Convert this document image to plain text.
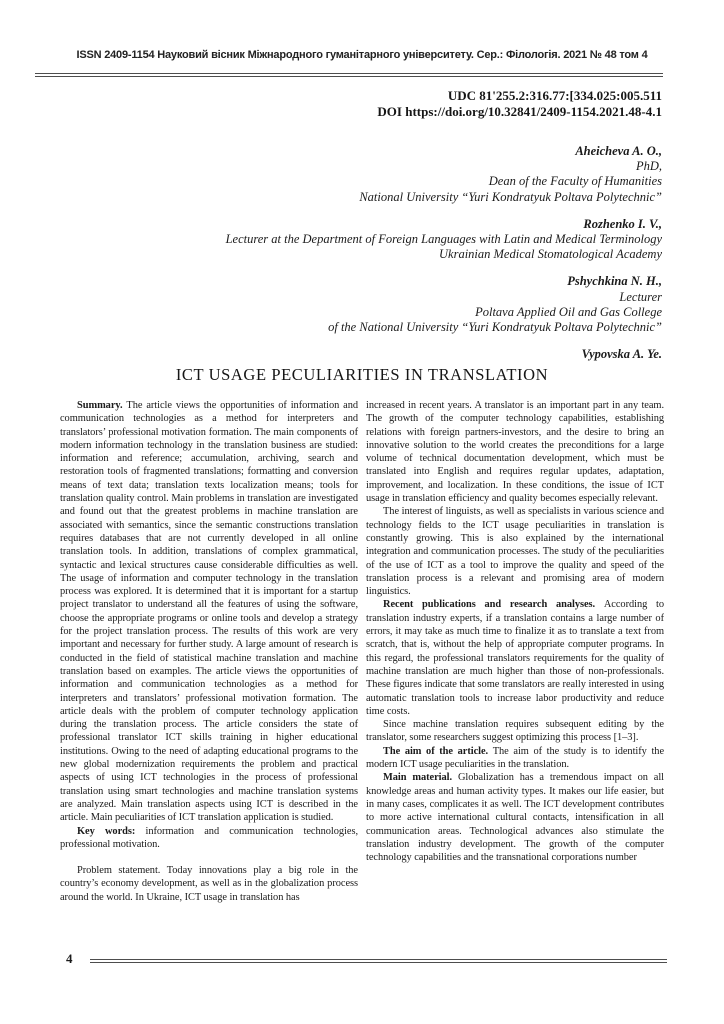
ISSN 2409-1154 Науковий вісник Міжнародного гуманітарного університету. Сер.: Філологія. 2021 № 48 том 4
UDC 81'255.2:316.77:[334.025:005.511
DOI https://doi.org/10.32841/2409-1154.2021.48-4.1
Aheicheva A. O.,
PhD,
Dean of the Faculty of Humanities
National University “Yuri Kondratyuk Poltava Polytechnic”
Rozhenko I. V.,
Lecturer at the Department of Foreign Languages with Latin and Medical Terminology
Ukrainian Medical Stomatological Academy
Pshychkina N. H.,
Lecturer
Poltava Applied Oil and Gas College
of the National University “Yuri Kondratyuk Poltava Polytechnic”
Vypovska A. Ye.
ICT USAGE PECULIARITIES IN TRANSLATION

Summary. The article views the opportunities of information and communication technologies as a method for interpreters and translators’ professional motivation formation. The main components of modern information technology in the translation business are studied: information and reference; accumulation, archiving, search and restoration tools of fragmented translations; formatting and conversion means of text data; translation texts localization means; tools for translation quality control. Main problems in translation are investigated and found out that the greatest problems in machine translation are associated with semantics, since the semantic constructions translation requires databases that are not currently developed in all online translation tools. In addition, translations of complex grammatical, syntactic and lexical structures cause considerable difficulties as well. The usage of information and computer technology in the translation process was explored. It is determined that it is important for a startup project translator to understand all the features of using the software, choose the appropriate programs or online tools and develop a strategy for the project translation process. The results of this work are very important and necessary for further study. A large amount of research is conducted in the field of statistical machine translation and machine translation based on examples. The article views the opportunities of information and communication technologies as a method for interpreters and translators’ professional motivation formation. The article deals with the problem of computer technology application during the translation process. The article considers the state of professional translator ICT skills training in higher educational institutions. Owing to the need of adapting educational programs to the new global modernization requirements the problem and practical aspects of using ICT technologies in the process of professional translation using smart technologies and machine translation systems are analyzed. Main translation aspects using ICT is described in the article. Main peculiarities of ICT translation application is studied.

Key words: information and communication technologies, professional motivation.

Problem statement. Today innovations play a big role in the country’s economy development, as well as in the globalization process around the world. In Ukraine, ICT usage in translation has

increased in recent years. A translator is an important part in any team. The growth of the computer technology capabilities, establishing relations with foreign partners-investors, and the desire to bring an innovative solution to the world creates the preconditions for a large volume of technical documentation development, which must be translated into English and requires regular updates, adaptation, improvement, and localization. In these conditions, the issue of ICT usage in translation efficiency and quality becomes especially relevant.

The interest of linguists, as well as specialists in various science and technology fields to the ICT usage peculiarities in translation is constantly growing. This is also explained by the international integration and communication processes. The study of the peculiarities of the use of ICT as a tool to improve the quality and speed of the translation process is a relevant and promising area of modern linguistics.

Recent publications and research analyses. According to translation industry experts, if a translation contains a large number of errors, it may take as much time to finalize it as to translate a text from scratch, that is, without the help of appropriate computer programs. In this regard, the professional translators requirements for the quality of machine translation are much higher than those of non-professionals. These figures indicate that some translators are really interested in using automatic translation tools to increase labor productivity and reduce time costs.

Since machine translation requires subsequent editing by the translator, some researchers suggest optimizing this process [1–3].

The aim of the article. The aim of the study is to identify the modern ICT usage peculiarities in the translation.

Main material. Globalization has a tremendous impact on all knowledge areas and human activity types. It makes our life easier, but in many cases, complicates it as well. The ICT development contributes to more active international cultural contacts, intensification in all communication areas. Technological advances also stimulate the translation industry development. The growth of the computer technology capabilities and the transnational corporations number

4
